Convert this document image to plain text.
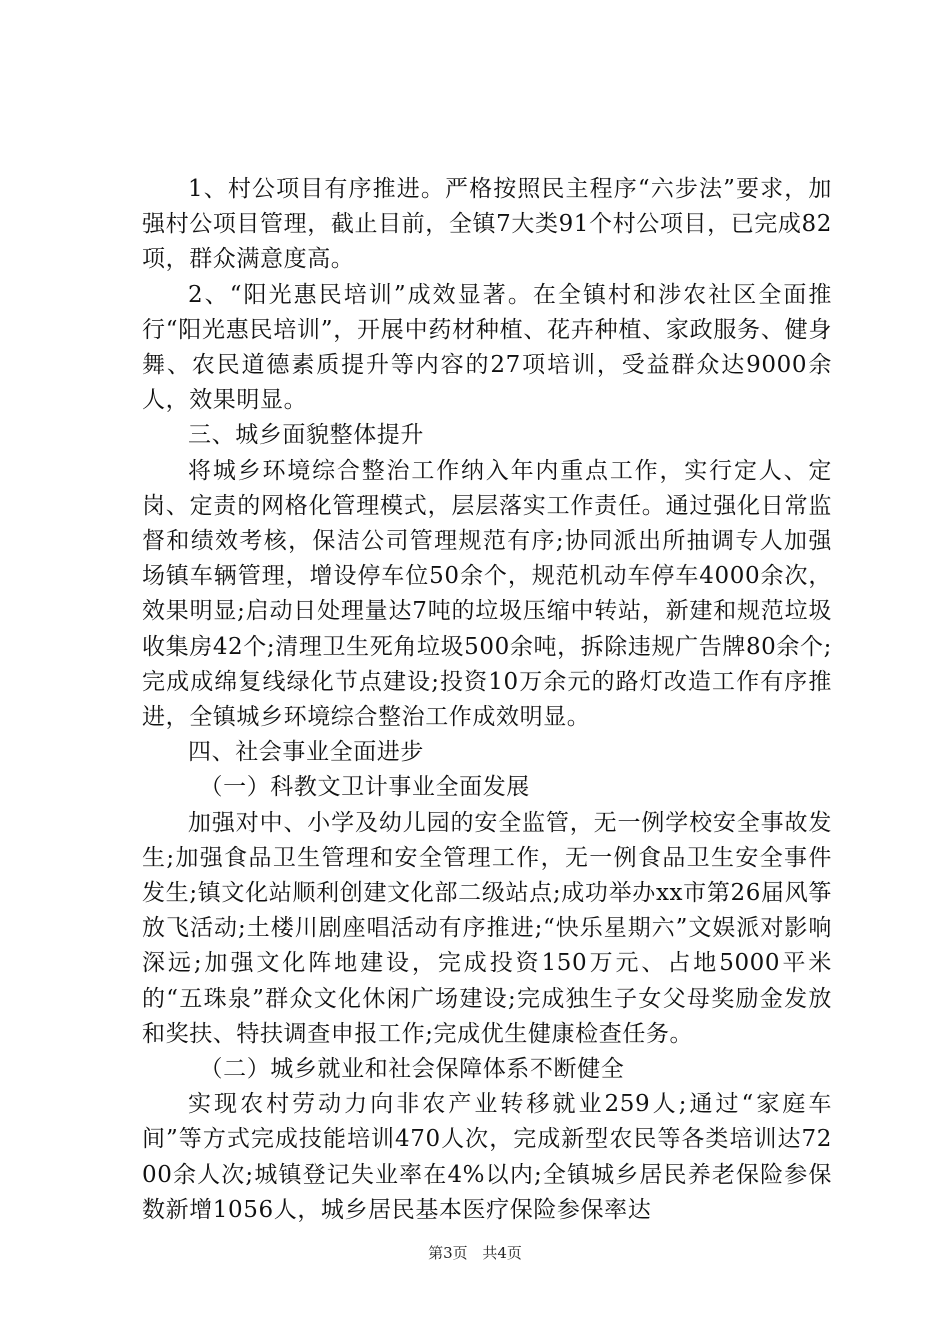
1、村公项目有序推进。严格按照民主程序“六步法”要求，加强村公项目管理，截止目前，全镇7大类91个村公项目，已完成82项，群众满意度高。

2、“阳光惠民培训”成效显著。在全镇村和涉农社区全面推行“阳光惠民培训”，开展中药材种植、花卉种植、家政服务、健身舞、农民道德素质提升等内容的27项培训，受益群众达9000余人，效果明显。

三、城乡面貌整体提升

将城乡环境综合整治工作纳入年内重点工作，实行定人、定岗、定责的网格化管理模式，层层落实工作责任。通过强化日常监督和绩效考核，保洁公司管理规范有序;协同派出所抽调专人加强场镇车辆管理，增设停车位50余个，规范机动车停车4000余次，效果明显;启动日处理量达7吨的垃圾压缩中转站，新建和规范垃圾收集房42个;清理卫生死角垃圾500余吨，拆除违规广告牌80余个;完成成绵复线绿化节点建设;投资10万余元的路灯改造工作有序推进，全镇城乡环境综合整治工作成效明显。

四、社会事业全面进步

（一）科教文卫计事业全面发展

加强对中、小学及幼儿园的安全监管，无一例学校安全事故发生;加强食品卫生管理和安全管理工作，无一例食品卫生安全事件发生;镇文化站顺利创建文化部二级站点;成功举办xx市第26届风筝放飞活动;土楼川剧座唱活动有序推进;“快乐星期六”文娱派对影响深远;加强文化阵地建设，完成投资150万元、占地5000平米的“五珠泉”群众文化休闲广场建设;完成独生子女父母奖励金发放和奖扶、特扶调查申报工作;完成优生健康检查任务。

（二）城乡就业和社会保障体系不断健全

实现农村劳动力向非农产业转移就业259人;通过“家庭车间”等方式完成技能培训470人次，完成新型农民等各类培训达7200余人次;城镇登记失业率在4%以内;全镇城乡居民养老保险参保数新增1056人，城乡居民基本医疗保险参保率达

第3页 共4页
